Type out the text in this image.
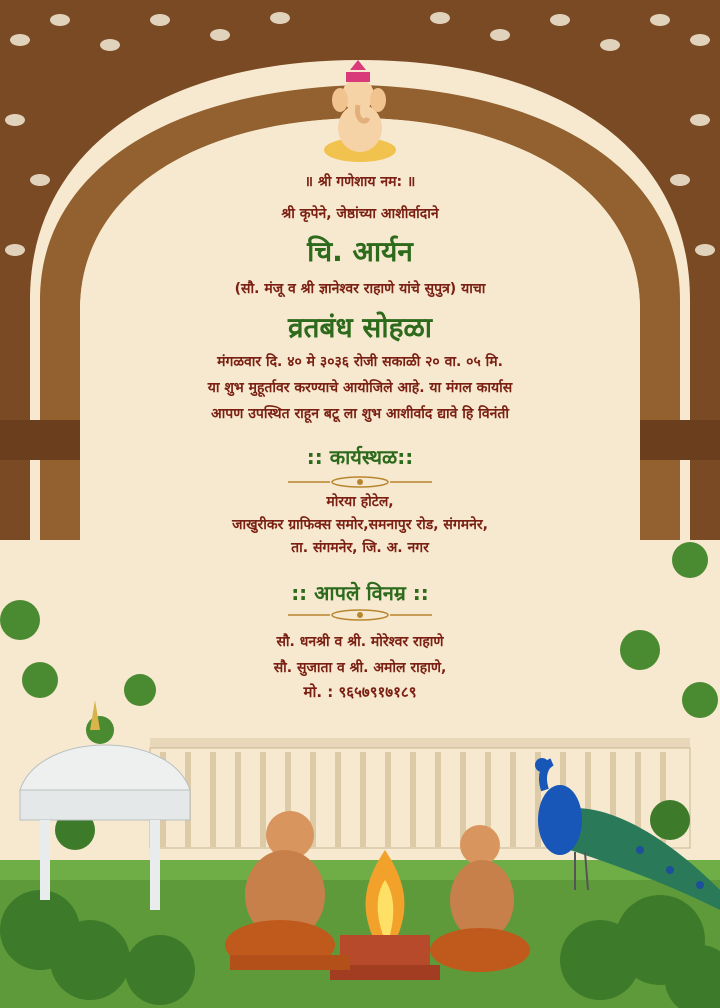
॥ श्री गणेशाय नम: ॥
श्री कृपेने, जेष्ठांच्या आशीर्वादाने
चि. आर्यन
(सौ. मंजू व श्री ज्ञानेश्वर राहाणे यांचे सुपुत्र) याचा
व्रतबंध सोहळा
मंगळवार दि. ४० मे ३०३६ रोजी सकाळी २० वा. ०५ मि.
या शुभ मुहूर्तावर करण्याचे आयोजिले आहे. या मंगल कार्यास
आपण उपस्थित राहून बटू ला शुभ आशीर्वाद द्यावे हि विनंती
:: कार्यस्थळ::
मोरया होटेल,
जाखुरीकर ग्राफिक्स समोर,समनापुर रोड, संगमनेर,
ता. संगमनेर, जि. अ. नगर
:: आपले विनम्र ::
सौ. धनश्री व श्री. मोरेश्वर राहाणे
सौ. सुजाता व श्री. अमोल राहाणे,
मो. : ९६५७९१७१८९
